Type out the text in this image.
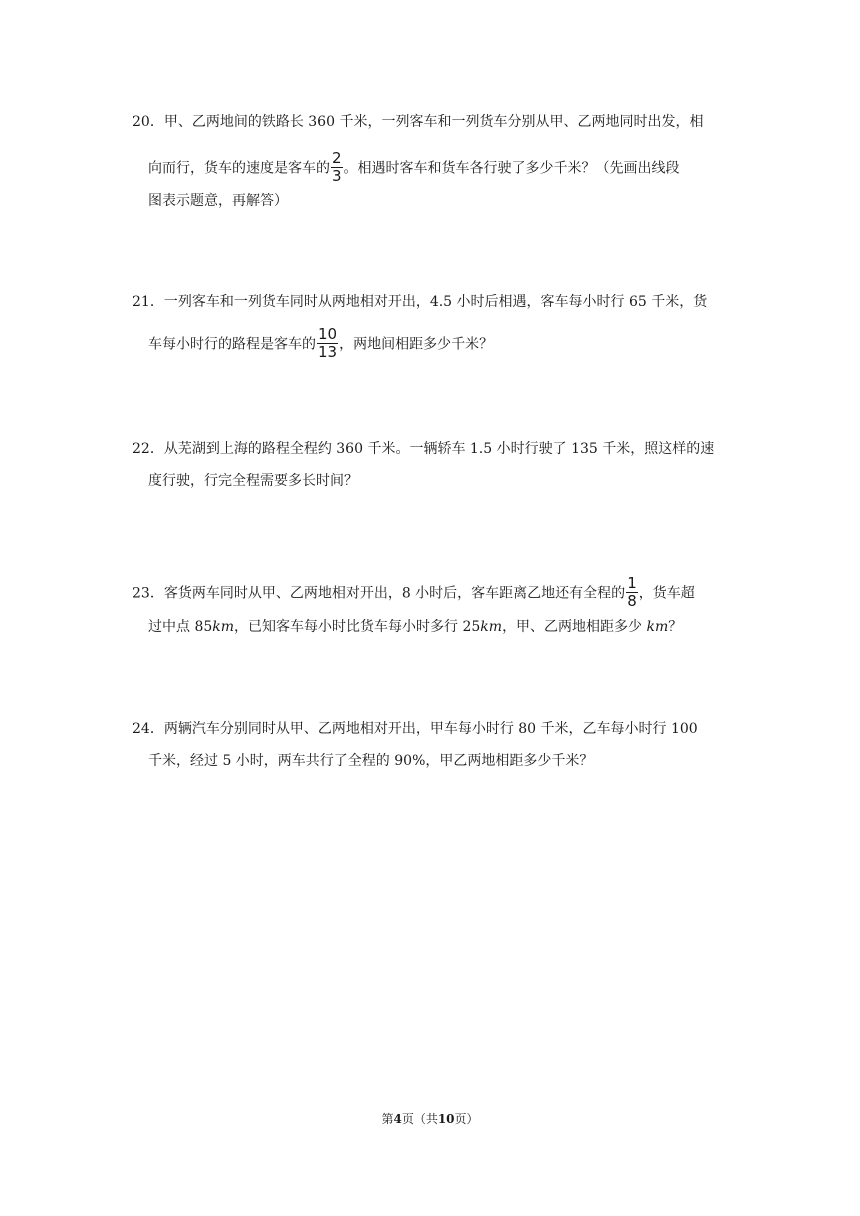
20．甲、乙两地间的铁路长 360 千米，一列客车和一列货车分别从甲、乙两地同时出发，相
向而行，货车的速度是客车的 $\frac{2}{3}$ 。相遇时客车和货车各行驶了多少千米？（先画出线段
图表示题意，再解答）
21．一列客车和一列货车同时从两地相对开出，4.5 小时后相遇，客车每小时行 65 千米，货
车每小时行的路程是客车的 $\frac{10}{13}$ ，两地间相距多少千米？
22．从芜湖到上海的路程全程约 360 千米。一辆轿车 1.5 小时行驶了 135 千米，照这样的速
度行驶，行完全程需要多长时间？
23．客货两车同时从甲、乙两地相对开出，8 小时后，客车距离乙地还有全程的 $\frac{1}{8}$ ，货车超
过中点 85km，已知客车每小时比货车每小时多行 25km，甲、乙两地相距多少 km？
24．两辆汽车分别同时从甲、乙两地相对开出，甲车每小时行 80 千米，乙车每小时行 100
千米，经过 5 小时，两车共行了全程的 90%，甲乙两地相距多少千米？
第4页（共10页）
